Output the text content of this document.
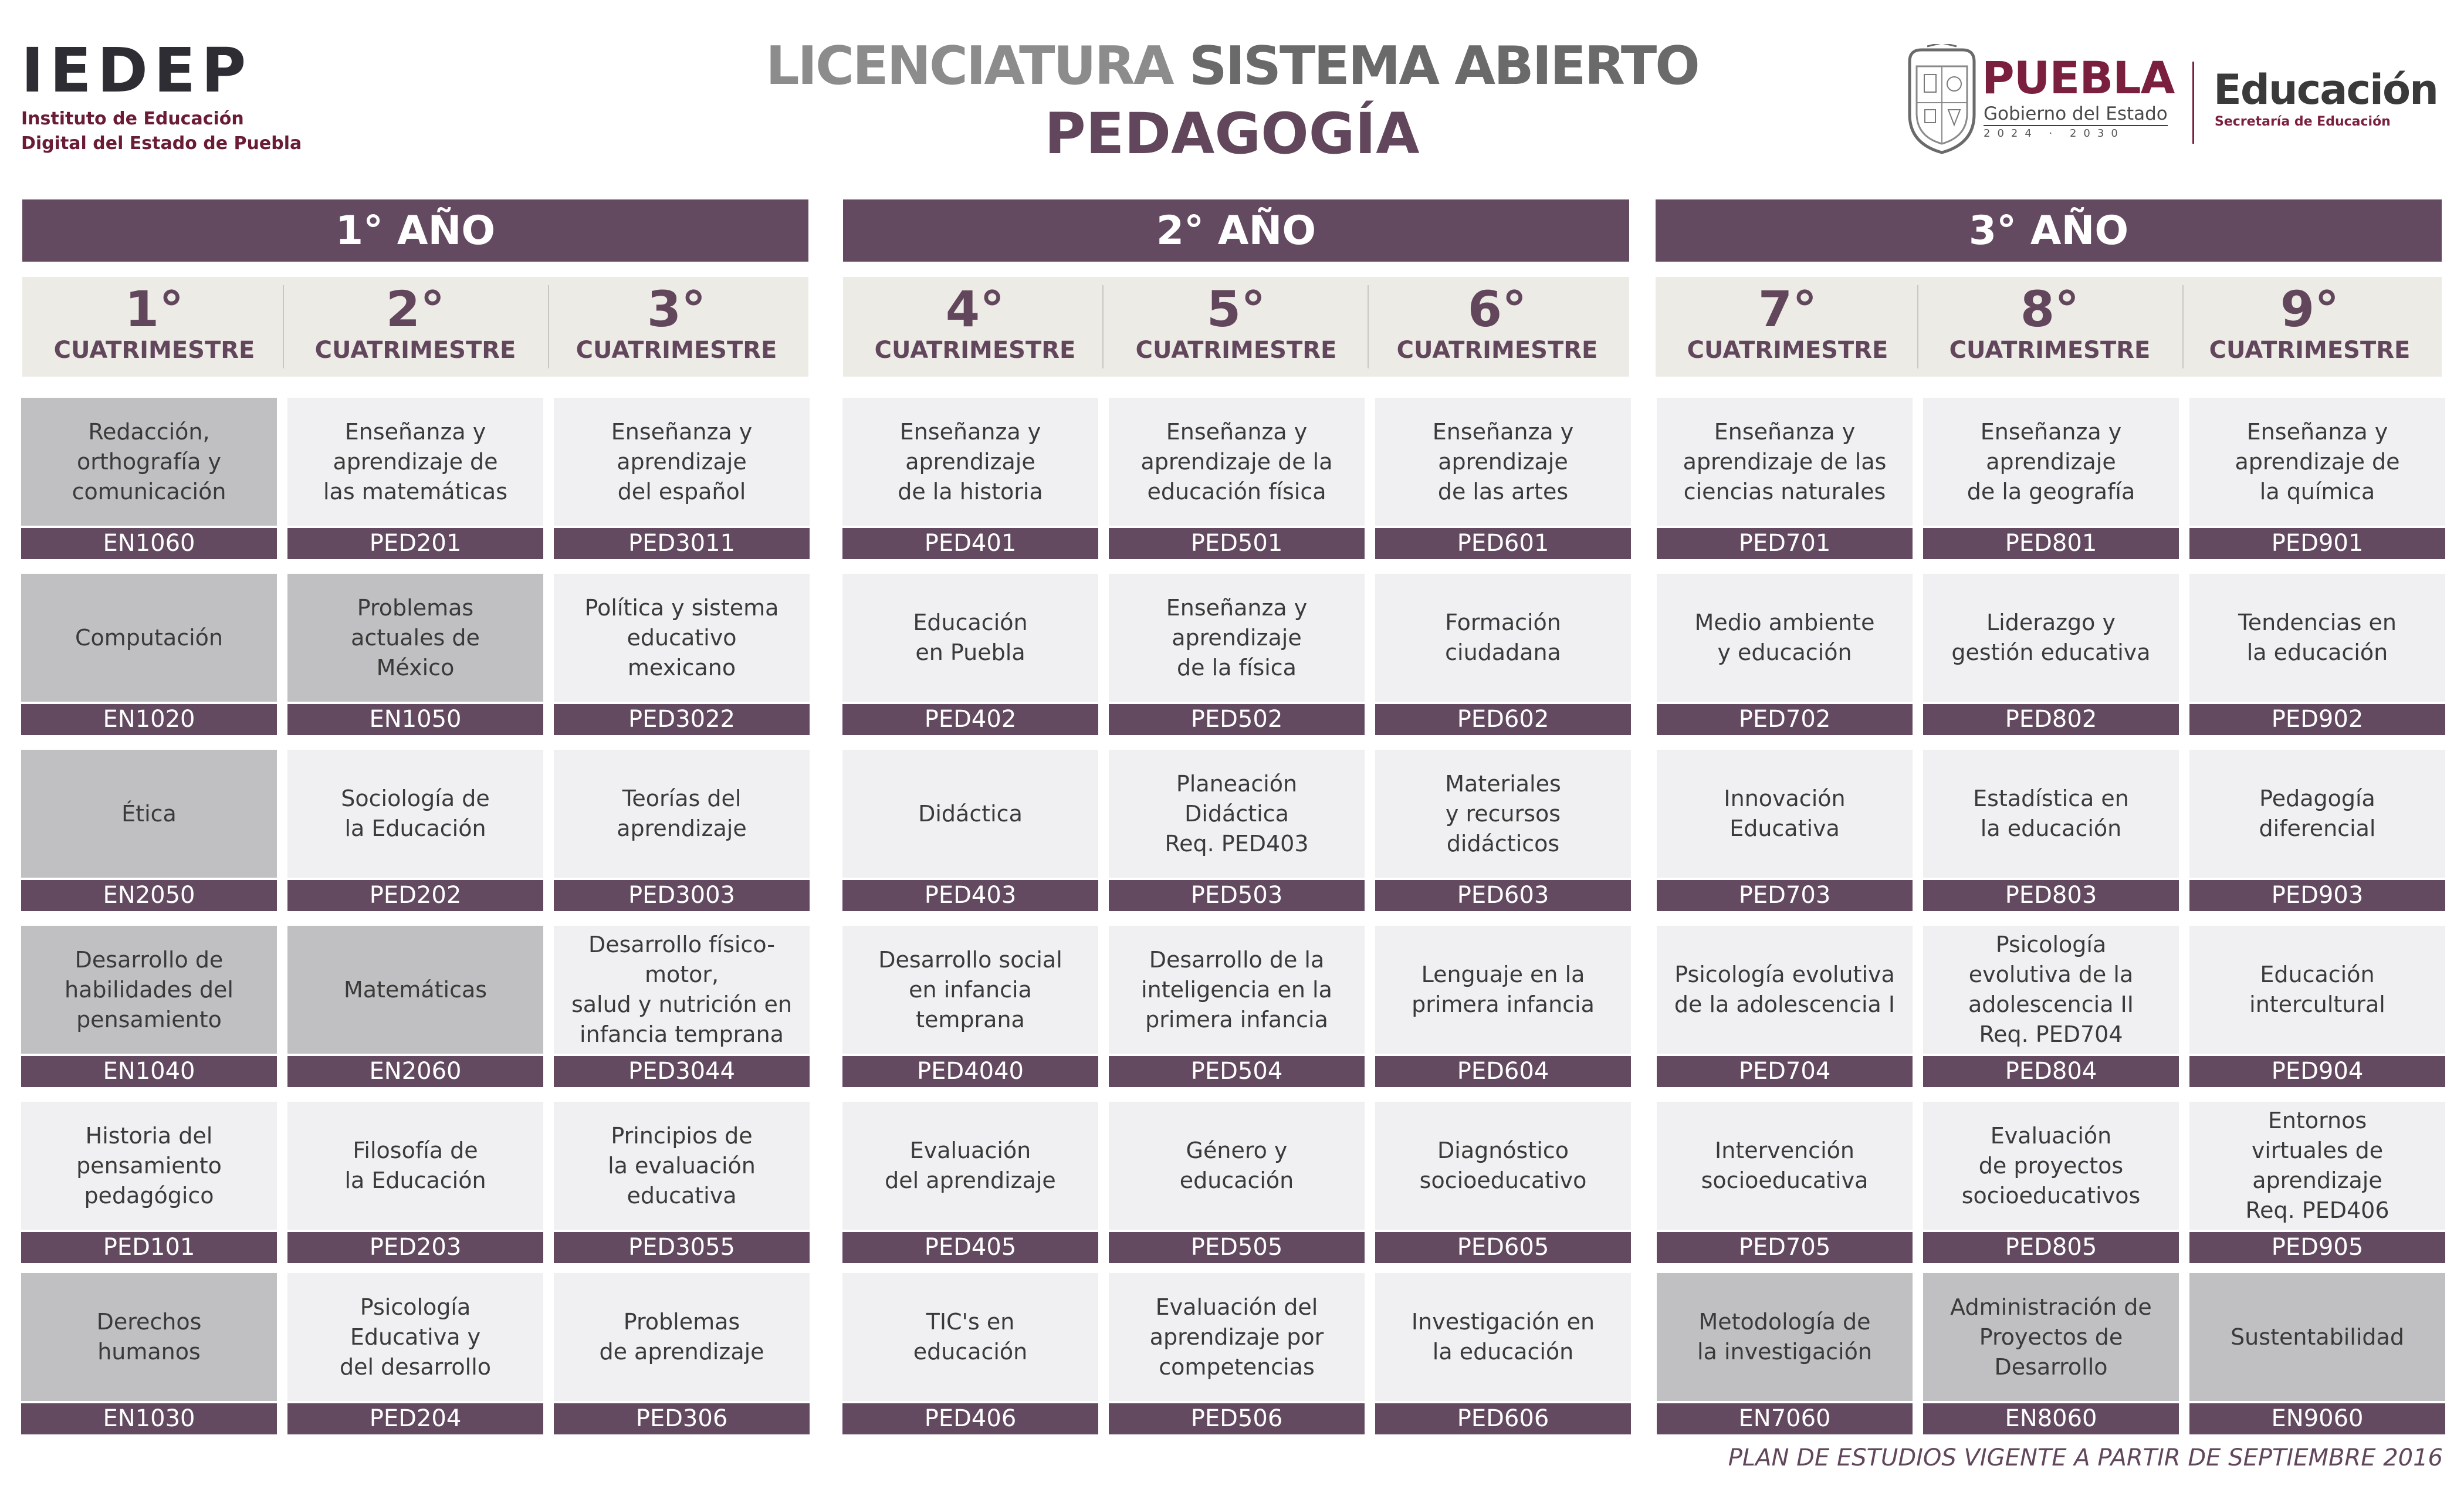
IEDEP
Instituto de Educación
Digital del Estado de Puebla
LICENCIATURA SISTEMA ABIERTO
PEDAGOGÍA
PUEBLA
Gobierno del Estado
2024 · 2030
Educación
Secretaría de Educación
1° AÑO	2° AÑO	3° AÑO
1°
CUATRIMESTRE
2°
CUATRIMESTRE
3°
CUATRIMESTRE
4°
CUATRIMESTRE
5°
CUATRIMESTRE
6°
CUATRIMESTRE
7°
CUATRIMESTRE
8°
CUATRIMESTRE
9°
CUATRIMESTRE
Redacción,
orthografía y
comunicación
EN1060
Computación
EN1020
Ética
EN2050
Desarrollo de
habilidades del
pensamiento
EN1040
Historia del
pensamiento
pedagógico
PED101
Derechos
humanos
EN1030
Enseñanza y
aprendizaje de
las matemáticas
PED201
Problemas
actuales de
México
EN1050
Sociología de
la Educación
PED202
Matemáticas
EN2060
Filosofía de
la Educación
PED203
Psicología
Educativa y
del desarrollo
PED204
Enseñanza y
aprendizaje
del español
PED3011
Política y sistema
educativo
mexicano
PED3022
Teorías del
aprendizaje
PED3003
Desarrollo físico-motor,
salud y nutrición en
infancia temprana
PED3044
Principios de
la evaluación
educativa
PED3055
Problemas
de aprendizaje
PED306
Enseñanza y
aprendizaje
de la historia
PED401
Educación
en Puebla
PED402
Didáctica
PED403
Desarrollo social
en infancia
temprana
PED4040
Evaluación
del aprendizaje
PED405
TIC's en
educación
PED406
Enseñanza y
aprendizaje de la
educación física
PED501
Enseñanza y
aprendizaje
de la física
PED502
Planeación
Didáctica
Req. PED403
PED503
Desarrollo de la
inteligencia en la
primera infancia
PED504
Género y
educación
PED505
Evaluación del
aprendizaje por
competencias
PED506
Enseñanza y
aprendizaje
de las artes
PED601
Formación
ciudadana
PED602
Materiales
y recursos
didácticos
PED603
Lenguaje en la
primera infancia
PED604
Diagnóstico
socioeducativo
PED605
Investigación en
la educación
PED606
Enseñanza y
aprendizaje de las
ciencias naturales
PED701
Medio ambiente
y educación
PED702
Innovación
Educativa
PED703
Psicología evolutiva
de la adolescencia I
PED704
Intervención
socioeducativa
PED705
Metodología de
la investigación
EN7060
Enseñanza y
aprendizaje
de la geografía
PED801
Liderazgo y
gestión educativa
PED802
Estadística en
la educación
PED803
Psicología
evolutiva de la
adolescencia II
Req. PED704
PED804
Evaluación
de proyectos
socioeducativos
PED805
Administración de
Proyectos de
Desarrollo
EN8060
Enseñanza y
aprendizaje de
la química
PED901
Tendencias en
la educación
PED902
Pedagogía
diferencial
PED903
Educación
intercultural
PED904
Entornos
virtuales de
aprendizaje
Req. PED406
PED905
Sustentabilidad
EN9060
PLAN DE ESTUDIOS VIGENTE A PARTIR DE SEPTIEMBRE 2016
